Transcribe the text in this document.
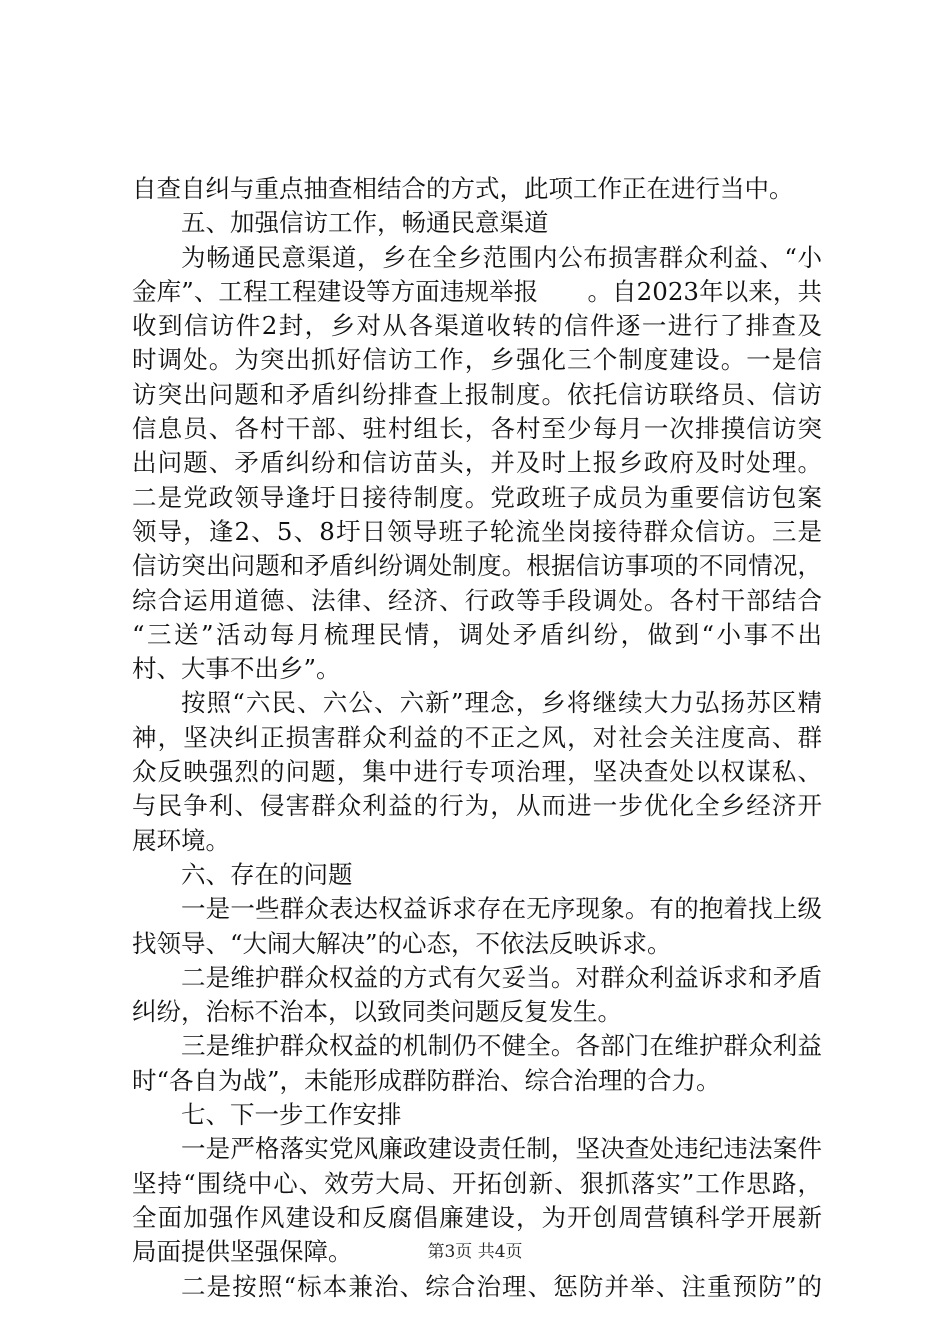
自查自纠与重点抽查相结合的方式，此项工作正在进行当中。
五、加强信访工作，畅通民意渠道
为畅通民意渠道，乡在全乡范围内公布损害群众利益、“小
金库”、工程工程建设等方面违规举报　　。自2023年以来，共
收到信访件2封，乡对从各渠道收转的信件逐一进行了排查及
时调处。为突出抓好信访工作，乡强化三个制度建设。一是信
访突出问题和矛盾纠纷排查上报制度。依托信访联络员、信访
信息员、各村干部、驻村组长，各村至少每月一次排摸信访突
出问题、矛盾纠纷和信访苗头，并及时上报乡政府及时处理。
二是党政领导逢圩日接待制度。党政班子成员为重要信访包案
领导，逢2、5、8圩日领导班子轮流坐岗接待群众信访。三是
信访突出问题和矛盾纠纷调处制度。根据信访事项的不同情况，
综合运用道德、法律、经济、行政等手段调处。各村干部结合
“三送”活动每月梳理民情，调处矛盾纠纷，做到“小事不出
村、大事不出乡”。
按照“六民、六公、六新”理念，乡将继续大力弘扬苏区精
神，坚决纠正损害群众利益的不正之风，对社会关注度高、群
众反映强烈的问题，集中进行专项治理，坚决查处以权谋私、
与民争利、侵害群众利益的行为，从而进一步优化全乡经济开
展环境。
六、存在的问题
一是一些群众表达权益诉求存在无序现象。有的抱着找上级
找领导、“大闹大解决”的心态，不依法反映诉求。
二是维护群众权益的方式有欠妥当。对群众利益诉求和矛盾
纠纷，治标不治本，以致同类问题反复发生。
三是维护群众权益的机制仍不健全。各部门在维护群众利益
时“各自为战”，未能形成群防群治、综合治理的合力。
七、下一步工作安排
一是严格落实党风廉政建设责任制，坚决查处违纪违法案件
坚持“围绕中心、效劳大局、开拓创新、狠抓落实”工作思路，
全面加强作风建设和反腐倡廉建设，为开创周营镇科学开展新
局面提供坚强保障。
二是按照“标本兼治、综合治理、惩防并举、注重预防”的
第3页 共4页
